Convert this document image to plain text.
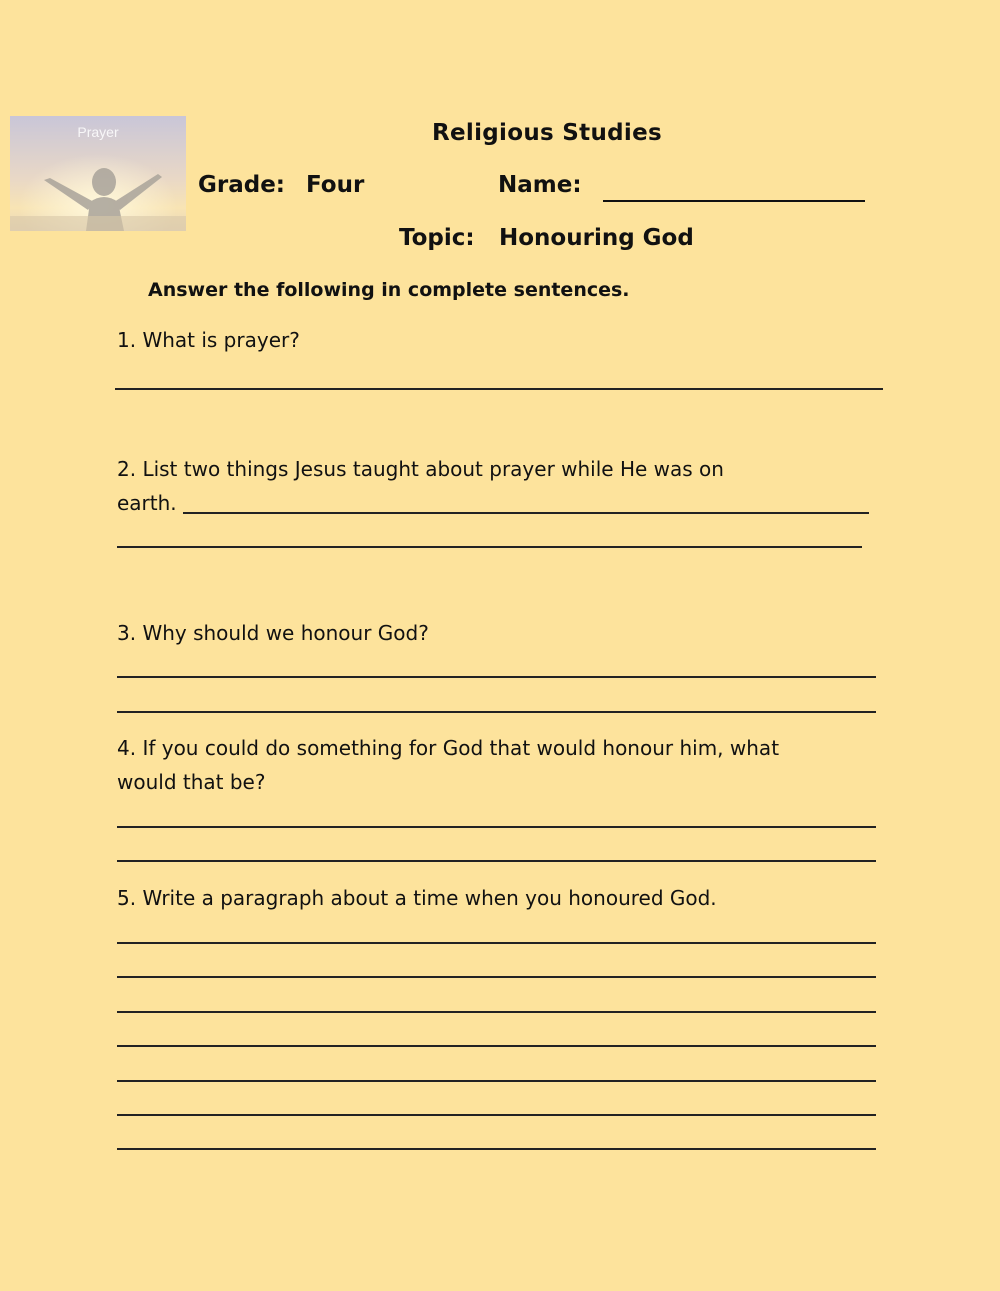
Prayer	Religious Studies
Grade: Four	Name:
Topic: Honouring God
Answer the following in complete sentences.
1. What is prayer?
2. List two things Jesus taught about prayer while He was on
earth.
3. Why should we honour God?
4. If you could do something for God that would honour him, what
would that be?
5. Write a paragraph about a time when you honoured God.
